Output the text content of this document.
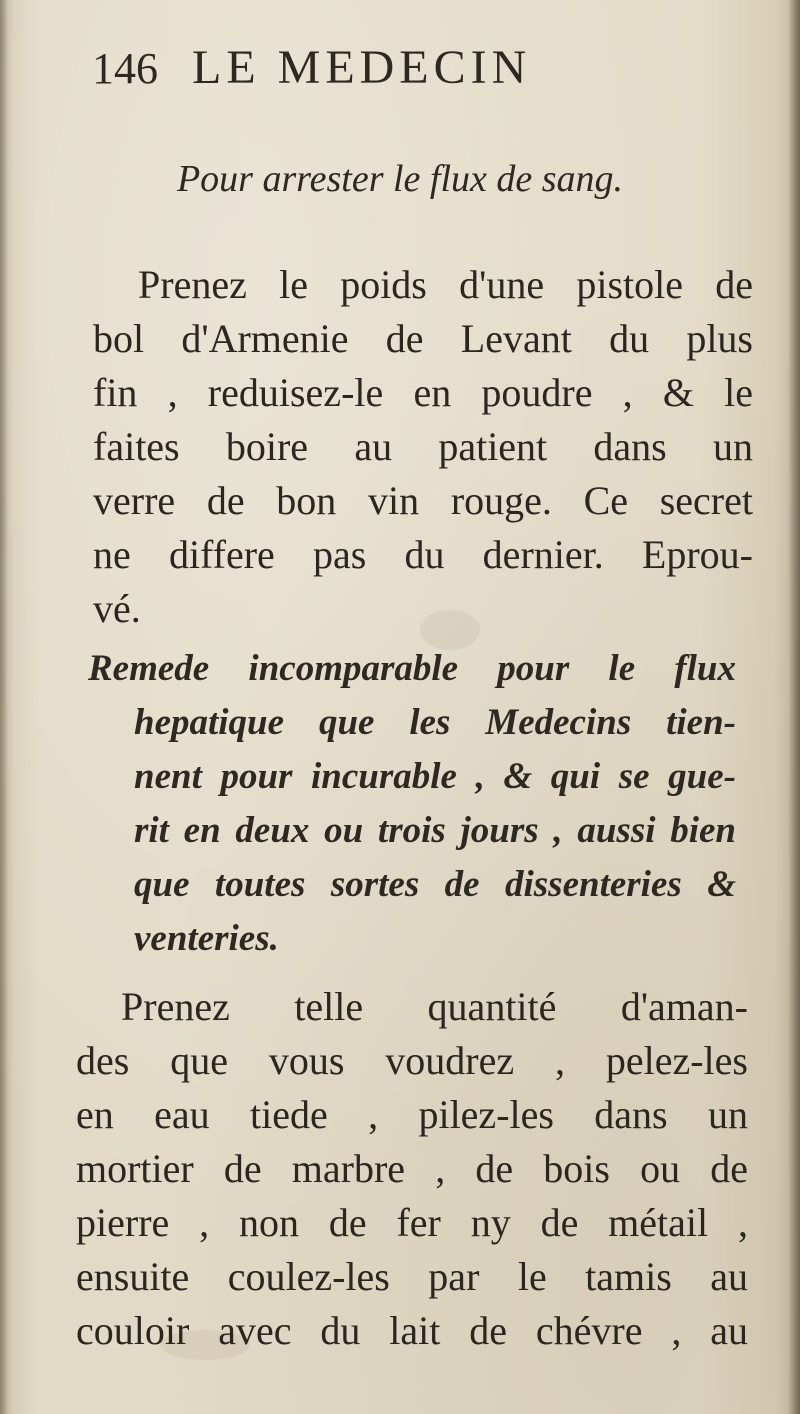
146 LE MEDECIN
Pour arrester le flux de sang.
Prenez le poids d'une pistole de
bol d'Armenie de Levant du plus
fin , reduisez-le en poudre , & le
faites boire au patient dans un
verre de bon vin rouge. Ce secret
ne differe pas du dernier. Eprou-
vé.
Remede incomparable pour le flux
hepatique que les Medecins tien-
nent pour incurable , & qui se gue-
rit en deux ou trois jours , aussi bien
que toutes sortes de dissenteries &
venteries.
Prenez telle quantité d'aman-
des que vous voudrez , pelez-les
en eau tiede , pilez-les dans un
mortier de marbre , de bois ou de
pierre , non de fer ny de métail ,
ensuite coulez-les par le tamis au
couloir avec du lait de chévre , au
